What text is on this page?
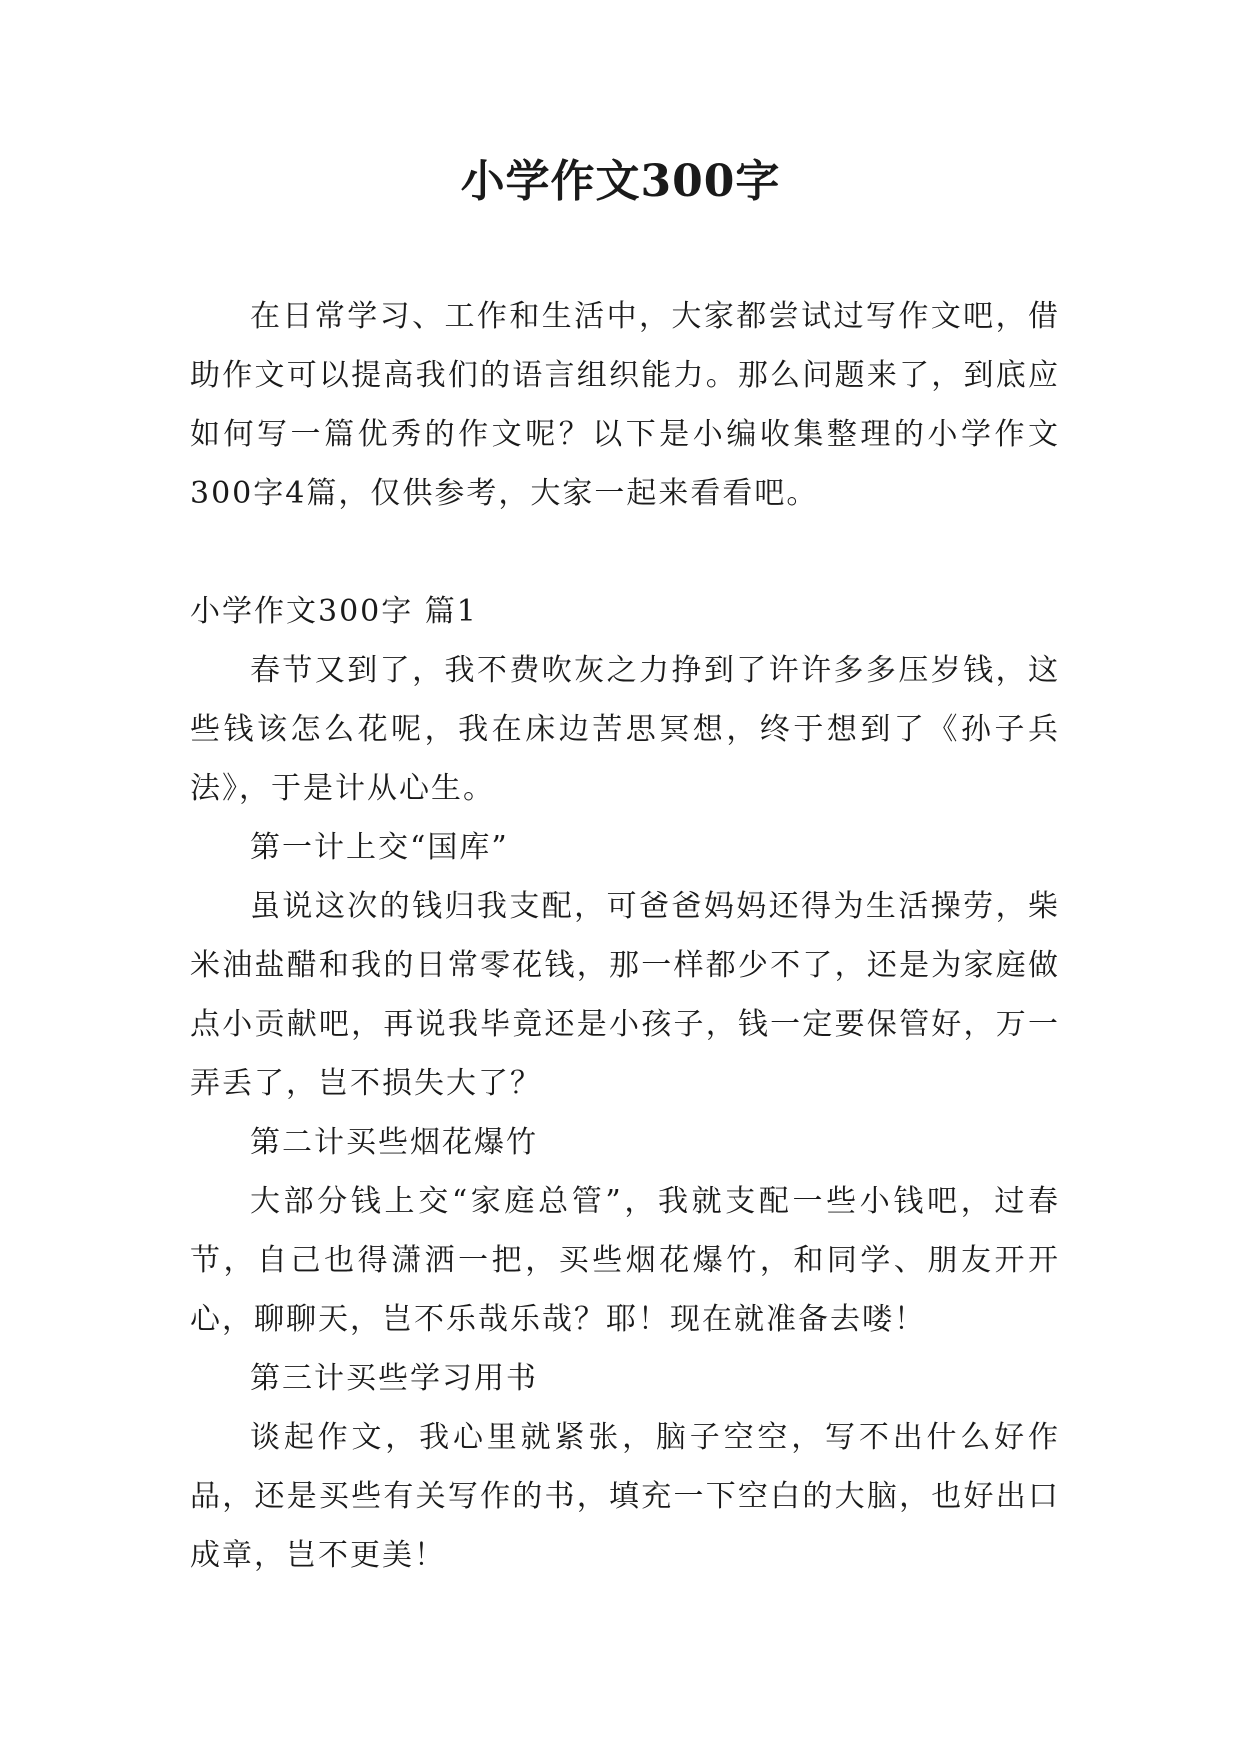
小学作文300字

在日常学习、工作和生活中，大家都尝试过写作文吧，借助作文可以提高我们的语言组织能力。那么问题来了，到底应如何写一篇优秀的作文呢？以下是小编收集整理的小学作文300字4篇，仅供参考，大家一起来看看吧。

小学作文300字 篇1

春节又到了，我不费吹灰之力挣到了许许多多压岁钱，这些钱该怎么花呢，我在床边苦思冥想，终于想到了《孙子兵法》，于是计从心生。

第一计上交“国库”

虽说这次的钱归我支配，可爸爸妈妈还得为生活操劳，柴米油盐醋和我的日常零花钱，那一样都少不了，还是为家庭做点小贡献吧，再说我毕竟还是小孩子，钱一定要保管好，万一弄丢了，岂不损失大了？

第二计买些烟花爆竹

大部分钱上交“家庭总管”，我就支配一些小钱吧，过春节，自己也得潇洒一把，买些烟花爆竹，和同学、朋友开开心，聊聊天，岂不乐哉乐哉？耶！现在就准备去喽！

第三计买些学习用书

谈起作文，我心里就紧张，脑子空空，写不出什么好作品，还是买些有关写作的书，填充一下空白的大脑，也好出口成章，岂不更美！
